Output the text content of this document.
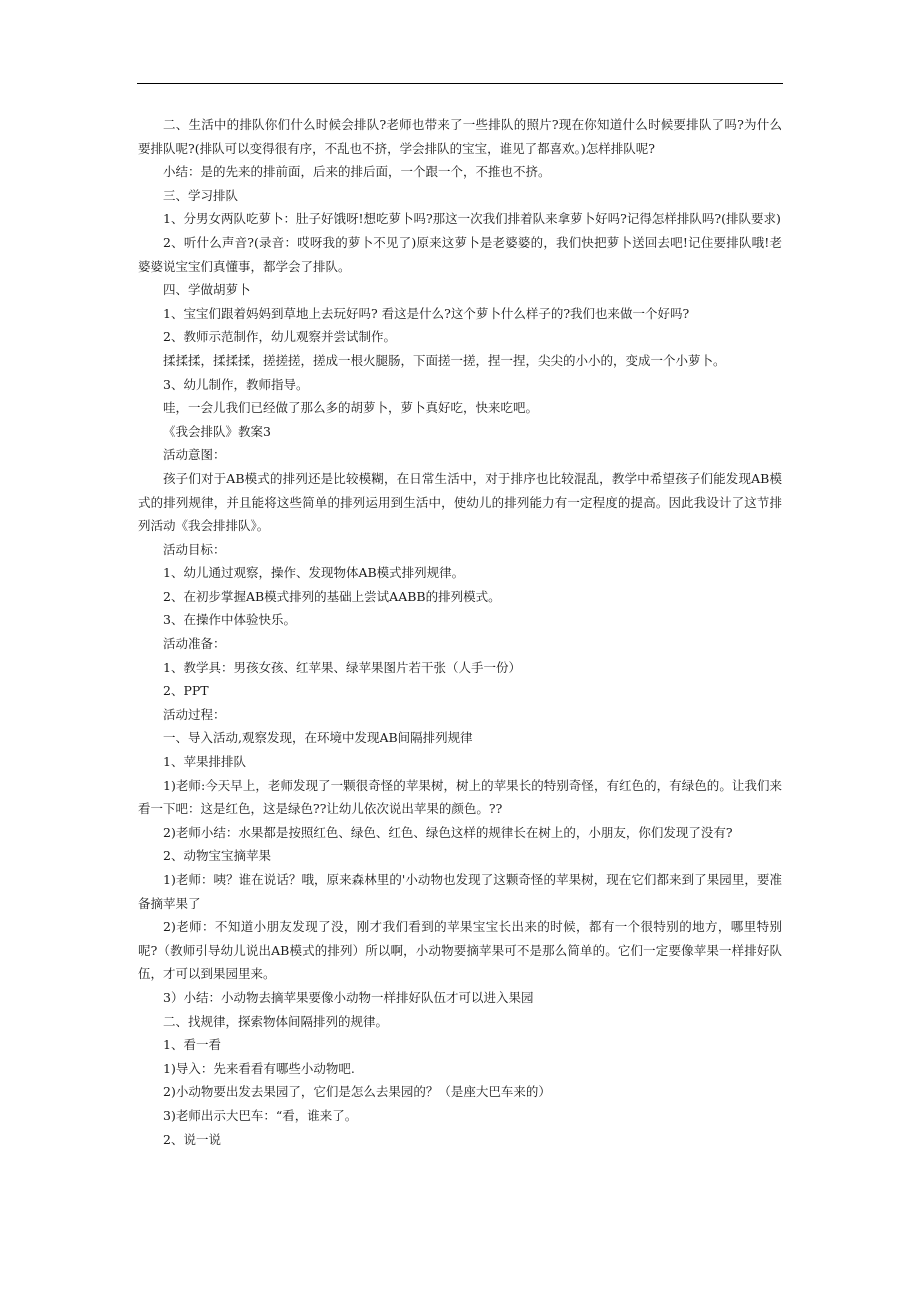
二、生活中的排队你们什么时候会排队?老师也带来了一些排队的照片?现在你知道什么时候要排队了吗?为什么要排队呢?(排队可以变得很有序，不乱也不挤，学会排队的宝宝，谁见了都喜欢。)怎样排队呢?

小结：是的先来的排前面，后来的排后面，一个跟一个，不推也不挤。

三、学习排队

1、分男女两队吃萝卜：肚子好饿呀!想吃萝卜吗?那这一次我们排着队来拿萝卜好吗?记得怎样排队吗?(排队要求)

2、听什么声音?(录音：哎呀我的萝卜不见了)原来这萝卜是老婆婆的，我们快把萝卜送回去吧!记住要排队哦!老婆婆说宝宝们真懂事，都学会了排队。

四、学做胡萝卜

1、宝宝们跟着妈妈到草地上去玩好吗? 看这是什么?这个萝卜什么样子的?我们也来做一个好吗?

2、教师示范制作，幼儿观察并尝试制作。

揉揉揉，揉揉揉，搓搓搓，搓成一根火腿肠，下面搓一搓，捏一捏，尖尖的小小的，变成一个小萝卜。

3、幼儿制作，教师指导。

哇，一会儿我们已经做了那么多的胡萝卜，萝卜真好吃，快来吃吧。

《我会排队》教案3

活动意图：

孩子们对于AB模式的排列还是比较模糊，在日常生活中，对于排序也比较混乱，教学中希望孩子们能发现AB模式的排列规律，并且能将这些简单的排列运用到生活中，使幼儿的排列能力有一定程度的提高。因此我设计了这节排列活动《我会排排队》。

活动目标：

1、幼儿通过观察，操作、发现物体AB模式排列规律。

2、在初步掌握AB模式排列的基础上尝试AABB的排列模式。

3、在操作中体验快乐。

活动准备：

1、教学具：男孩女孩、红苹果、绿苹果图片若干张（人手一份）

2、PPT

活动过程：

一、导入活动,观察发现，在环境中发现AB间隔排列规律

1、苹果排排队

1)老师:今天早上，老师发现了一颗很奇怪的苹果树，树上的苹果长的特别奇怪，有红色的，有绿色的。让我们来看一下吧：这是红色，这是绿色??让幼儿依次说出苹果的颜色。??

2)老师小结：水果都是按照红色、绿色、红色、绿色这样的规律长在树上的，小朋友，你们发现了没有?

2、动物宝宝摘苹果

1)老师：咦？谁在说话？哦，原来森林里的'小动物也发现了这颗奇怪的苹果树，现在它们都来到了果园里，要准备摘苹果了

2)老师：不知道小朋友发现了没，刚才我们看到的苹果宝宝长出来的时候，都有一个很特别的地方，哪里特别呢?（教师引导幼儿说出AB模式的排列）所以啊，小动物要摘苹果可不是那么简单的。它们一定要像苹果一样排好队伍，才可以到果园里来。

3）小结：小动物去摘苹果要像小动物一样排好队伍才可以进入果园

二、找规律，探索物体间隔排列的规律。

1、看一看

1)导入：先来看看有哪些小动物吧.

2)小动物要出发去果园了，它们是怎么去果园的？（是座大巴车来的）

3)老师出示大巴车：“看，谁来了。

2、说一说
